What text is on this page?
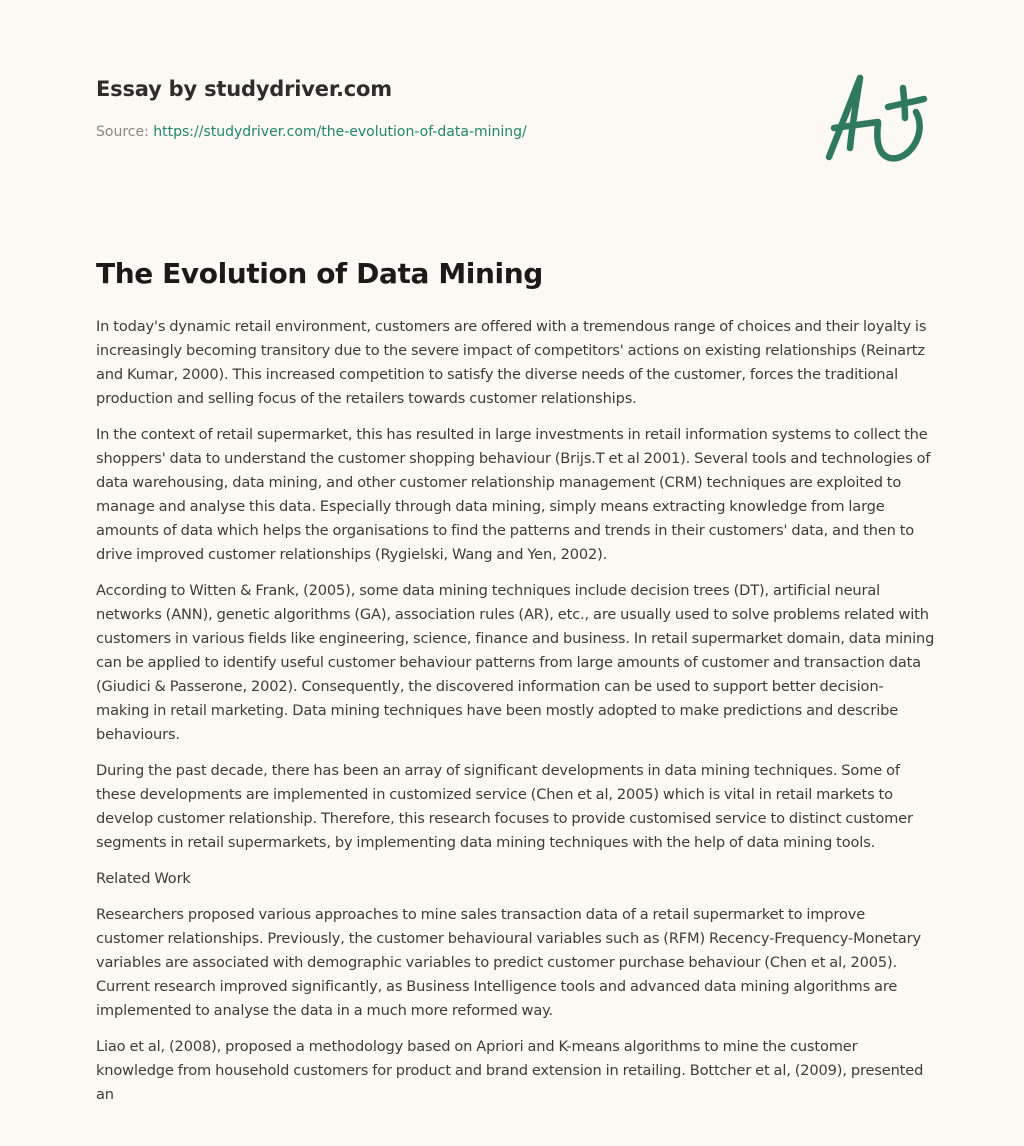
Essay by studydriver.com
Source: https://studydriver.com/the-evolution-of-data-mining/
The Evolution of Data Mining

In today's dynamic retail environment, customers are offered with a tremendous range of choices and their loyalty is increasingly becoming transitory due to the severe impact of competitors' actions on existing relationships (Reinartz and Kumar, 2000). This increased competition to satisfy the diverse needs of the customer, forces the traditional production and selling focus of the retailers towards customer relationships.

In the context of retail supermarket, this has resulted in large investments in retail information systems to collect the shoppers' data to understand the customer shopping behaviour (Brijs.T et al 2001). Several tools and technologies of data warehousing, data mining, and other customer relationship management (CRM) techniques are exploited to manage and analyse this data. Especially through data mining, simply means extracting knowledge from large amounts of data which helps the organisations to find the patterns and trends in their customers' data, and then to drive improved customer relationships (Rygielski, Wang and Yen, 2002).

According to Witten & Frank, (2005), some data mining techniques include decision trees (DT), artificial neural networks (ANN), genetic algorithms (GA), association rules (AR), etc., are usually used to solve problems related with customers in various fields like engineering, science, finance and business. In retail supermarket domain, data mining can be applied to identify useful customer behaviour patterns from large amounts of customer and transaction data (Giudici & Passerone, 2002). Consequently, the discovered information can be used to support better decision-making in retail marketing. Data mining techniques have been mostly adopted to make predictions and describe behaviours.

During the past decade, there has been an array of significant developments in data mining techniques. Some of these developments are implemented in customized service (Chen et al, 2005) which is vital in retail markets to develop customer relationship. Therefore, this research focuses to provide customised service to distinct customer segments in retail supermarkets, by implementing data mining techniques with the help of data mining tools.

Related Work

Researchers proposed various approaches to mine sales transaction data of a retail supermarket to improve customer relationships. Previously, the customer behavioural variables such as (RFM) Recency-Frequency-Monetary variables are associated with demographic variables to predict customer purchase behaviour (Chen et al, 2005). Current research improved significantly, as Business Intelligence tools and advanced data mining algorithms are implemented to analyse the data in a much more reformed way.

Liao et al, (2008), proposed a methodology based on Apriori and K-means algorithms to mine the customer knowledge from household customers for product and brand extension in retailing. Bottcher et al, (2009), presented an
